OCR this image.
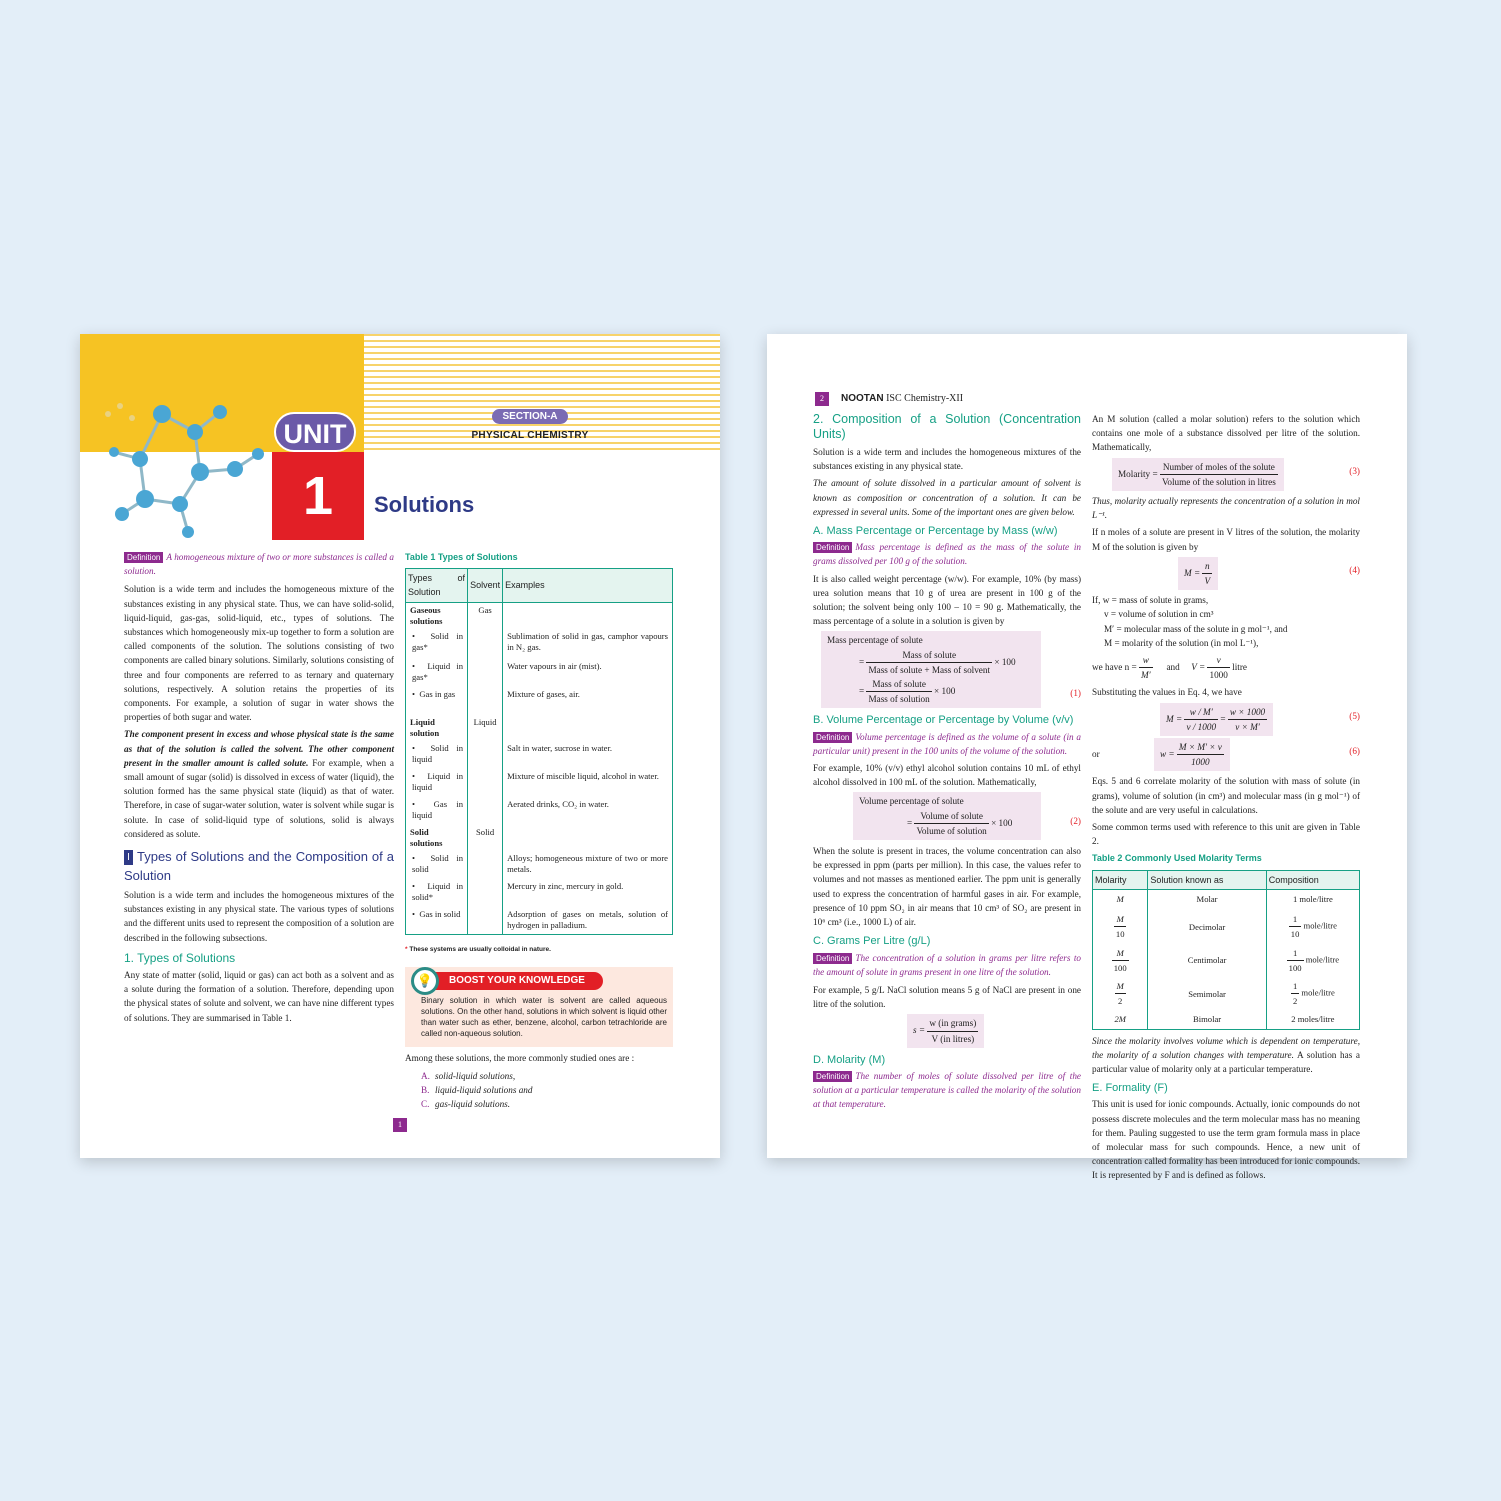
UNIT
1
SECTION-A
PHYSICAL CHEMISTRY
Solutions

Definition A homogeneous mixture of two or more substances is called a solution.

Solution is a wide term and includes the homogeneous mixture of the substances existing in any physical state. Thus, we can have solid-solid, liquid-liquid, gas-gas, solid-liquid, etc., types of solutions. The substances which homogeneously mix-up together to form a solution are called components of the solution. The solutions consisting of two components are called binary solutions. Similarly, solutions consisting of three and four components are referred to as ternary and quaternary solutions, respectively. A solution retains the properties of its components. For example, a solution of sugar in water shows the properties of both sugar and water.

The component present in excess and whose physical state is the same as that of the solution is called the solvent. The other component present in the smaller amount is called solute. For example, when a small amount of sugar (solid) is dissolved in excess of water (liquid), the solution formed has the same physical state (liquid) as that of water. Therefore, in case of sugar-water solution, water is solvent while sugar is solute. In case of solid-liquid type of solutions, solid is always considered as solute.

I Types of Solutions and the Composition of a Solution

Solution is a wide term and includes the homogeneous mixtures of the substances existing in any physical state. The various types of solutions and the different units used to represent the composition of a solution are described in the following subsections.

1. Types of Solutions

Any state of matter (solid, liquid or gas) can act both as a solvent and as a solute during the formation of a solution. Therefore, depending upon the physical states of solute and solvent, we can have nine different types of solutions. They are summarised in Table 1.

Table 1 Types of Solutions
Types of Solution	Solvent	Examples
Gaseous solutions	Gas	
•  Solid in gas*		Sublimation of solid in gas, camphor vapours in N₂ gas.
•  Liquid in gas*		Water vapours in air (mist).
•  Gas in gas		Mixture of gases, air.
Liquid solution	Liquid	
•  Solid in liquid		Salt in water, sucrose in water.
•  Liquid in liquid		Mixture of miscible liquid, alcohol in water.
•  Gas in liquid		Aerated drinks, CO₂ in water.
Solid solutions	Solid	
•  Solid in solid		Alloys; homogeneous mixture of two or more metals.
•  Liquid in solid*		Mercury in zinc, mercury in gold.
•  Gas in solid		Adsorption of gases on metals, solution of hydrogen in palladium.
* These systems are usually colloidal in nature.
BOOST YOUR KNOWLEDGE
💡

Binary solution in which water is solvent are called aqueous solutions. On the other hand, solutions in which solvent is liquid other than water such as ether, benzene, alcohol, carbon tetrachloride are called non-aqueous solution.

Among these solutions, the more commonly studied ones are :

A. solid-liquid solutions,
B. liquid-liquid solutions and
C. gas-liquid solutions.
1
2 NOOTAN ISC Chemistry-XII
2. Composition of a Solution (Concentration Units)

Solution is a wide term and includes the homogeneous mixtures of the substances existing in any physical state.

The amount of solute dissolved in a particular amount of solvent is known as composition or concentration of a solution. It can be expressed in several units. Some of the important ones are given below.

A. Mass Percentage or Percentage by Mass (w/w)

Definition Mass percentage is defined as the mass of the solute in grams dissolved per 100 g of the solution.

It is also called weight percentage (w/w). For example, 10% (by mass) urea solution means that 10 g of urea are present in 100 g of the solution; the solvent being only 100 – 10 = 90 g. Mathematically, the mass percentage of a solute in a solution is given by

Mass percentage of solute
= $\frac{\text{Mass of solute}}{\text{Mass of solute + Mass of solvent}} \times 100$
= $\frac{\text{Mass of solute}}{\text{Mass of solution}} \times 100$	(1)
B. Volume Percentage or Percentage by Volume (v/v)

Definition Volume percentage is defined as the volume of a solute (in a particular unit) present in the 100 units of the volume of the solution.

For example, 10% (v/v) ethyl alcohol solution contains 10 mL of ethyl alcohol dissolved in 100 mL of the solution. Mathematically,

Volume percentage of solute
= $\frac{\text{Volume of solute}}{\text{Volume of solution}} \times 100$	(2)

When the solute is present in traces, the volume concentration can also be expressed in ppm (parts per million). In this case, the values refer to volumes and not masses as mentioned earlier. The ppm unit is generally used to express the concentration of harmful gases in air. For example, presence of 10 ppm SO₂ in air means that 10 cm³ of SO₂ are present in 10⁶ cm³ (i.e., 1000 L) of air.

C. Grams Per Litre (g/L)

Definition The concentration of a solution in grams per litre refers to the amount of solute in grams present in one litre of the solution.

For example, 5 g/L NaCl solution means 5 g of NaCl are present in one litre of the solution.

$s = \frac{\text{w (in grams)}}{\text{V (in litres)}}$
D. Molarity (M)

Definition The number of moles of solute dissolved per litre of the solution at a particular temperature is called the molarity of the solution at that temperature.

An M solution (called a molar solution) refers to the solution which contains one mole of a substance dissolved per litre of the solution. Mathematically,

Molarity = $\frac{\text{Number of moles of the solute}}{\text{Volume of the solution in litres}}$	(3)

Thus, molarity actually represents the concentration of a solution in mol L⁻¹.

If n moles of a solute are present in V litres of the solution, the molarity M of the solution is given by

$M = \frac{n}{V}$	(4)
If, w = mass of solute in grams,
v = volume of solution in cm³
M′ = molecular mass of the solute in g mol⁻¹, and
M = molarity of the solution (in mol L⁻¹),

we have $n = \frac{w}{M'}$ and $V = \frac{v}{1000}$ litre

Substituting the values in Eq. 4, we have

$M = \frac{w / M'}{v / 1000} = \frac{w \times 1000}{v \times M'}$	(5)
or	$w = \frac{M \times M' \times v}{1000}$	(6)

Eqs. 5 and 6 correlate molarity of the solution with mass of solute (in grams), volume of solution (in cm³) and molecular mass (in g mol⁻¹) of the solute and are very useful in calculations.

Some common terms used with reference to this unit are given in Table 2.

Table 2 Commonly Used Molarity Terms
Molarity	Solution known as	Composition
M	Molar	1 mole/litre

$\frac{M}{10}$	Decimolar	$\frac{1}{10}$ mole/litre

$\frac{M}{100}$	Centimolar	$\frac{1}{100}$ mole/litre

$\frac{M}{2}$	Semimolar	$\frac{1}{2}$ mole/litre
2M	Bimolar	2 moles/litre

Since the molarity involves volume which is dependent on temperature, the molarity of a solution changes with temperature. A solution has a particular value of molarity only at a particular temperature.

E. Formality (F)

This unit is used for ionic compounds. Actually, ionic compounds do not possess discrete molecules and the term molecular mass has no meaning for them. Pauling suggested to use the term gram formula mass in place of molecular mass for such compounds. Hence, a new unit of concentration called formality has been introduced for ionic compounds. It is represented by F and is defined as follows.
